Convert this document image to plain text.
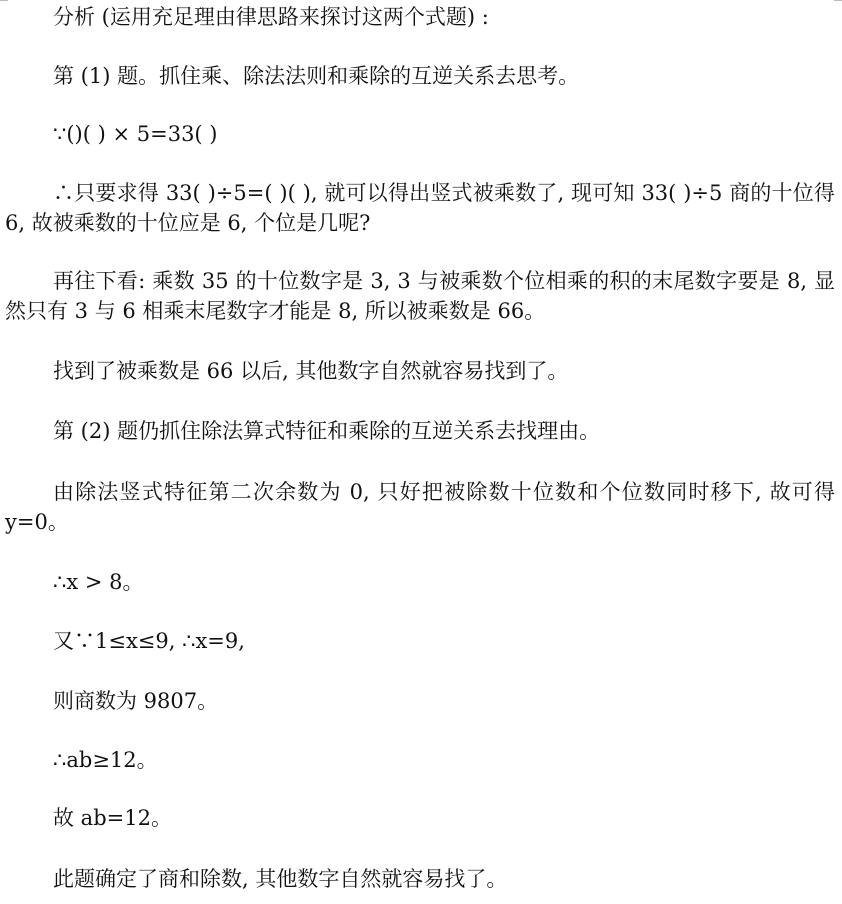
分析 (运用充足理由律思路来探讨这两个式题) :

第 (1) 题。抓住乘、除法法则和乘除的互逆关系去思考。

∵()( ) × 5=33( )

∴只要求得 33( )÷5=( )( ), 就可以得出竖式被乘数了, 现可知 33( )÷5 商的十位得 6, 故被乘数的十位应是 6, 个位是几呢?

再往下看: 乘数 35 的十位数字是 3, 3 与被乘数个位相乘的积的末尾数字要是 8, 显然只有 3 与 6 相乘末尾数字才能是 8, 所以被乘数是 66。

找到了被乘数是 66 以后, 其他数字自然就容易找到了。

第 (2) 题仍抓住除法算式特征和乘除的互逆关系去找理由。

由除法竖式特征第二次余数为 0, 只好把被除数十位数和个位数同时移下, 故可得 y=0。

∴x > 8。

又∵1≤x≤9, ∴x=9,

则商数为 9807。

∴ab≥12。

故 ab=12。

此题确定了商和除数, 其他数字自然就容易找了。
